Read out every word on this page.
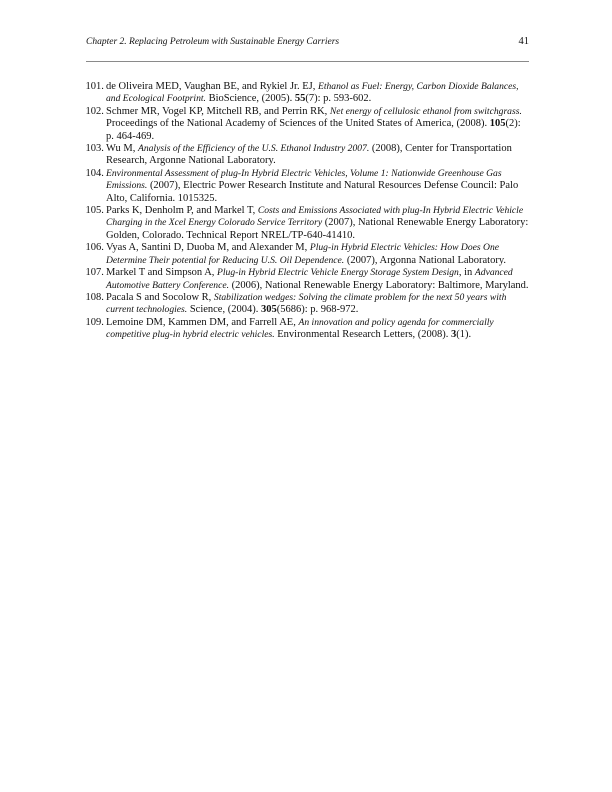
Chapter 2. Replacing Petroleum with Sustainable Energy Carriers	41
101. de Oliveira MED, Vaughan BE, and Rykiel Jr. EJ, Ethanol as Fuel: Energy, Carbon Dioxide Balances, and Ecological Footprint. BioScience, (2005). 55(7): p. 593-602.
102. Schmer MR, Vogel KP, Mitchell RB, and Perrin RK, Net energy of cellulosic ethanol from switchgrass. Proceedings of the National Academy of Sciences of the United States of America, (2008). 105(2): p. 464-469.
103. Wu M, Analysis of the Efficiency of the U.S. Ethanol Industry 2007. (2008), Center for Transportation Research, Argonne National Laboratory.
104. Environmental Assessment of plug-In Hybrid Electric Vehicles, Volume 1: Nationwide Greenhouse Gas Emissions. (2007), Electric Power Research Institute and Natural Resources Defense Council: Palo Alto, California. 1015325.
105. Parks K, Denholm P, and Markel T, Costs and Emissions Associated with plug-In Hybrid Electric Vehicle Charging in the Xcel Energy Colorado Service Territory (2007), National Renewable Energy Laboratory: Golden, Colorado. Technical Report NREL/TP-640-41410.
106. Vyas A, Santini D, Duoba M, and Alexander M, Plug-in Hybrid Electric Vehicles: How Does One Determine Their potential for Reducing U.S. Oil Dependence. (2007), Argonna National Laboratory.
107. Markel T and Simpson A, Plug-in Hybrid Electric Vehicle Energy Storage System Design, in Advanced Automotive Battery Conference. (2006), National Renewable Energy Laboratory: Baltimore, Maryland.
108. Pacala S and Socolow R, Stabilization wedges: Solving the climate problem for the next 50 years with current technologies. Science, (2004). 305(5686): p. 968-972.
109. Lemoine DM, Kammen DM, and Farrell AE, An innovation and policy agenda for commercially competitive plug-in hybrid electric vehicles. Environmental Research Letters, (2008). 3(1).
